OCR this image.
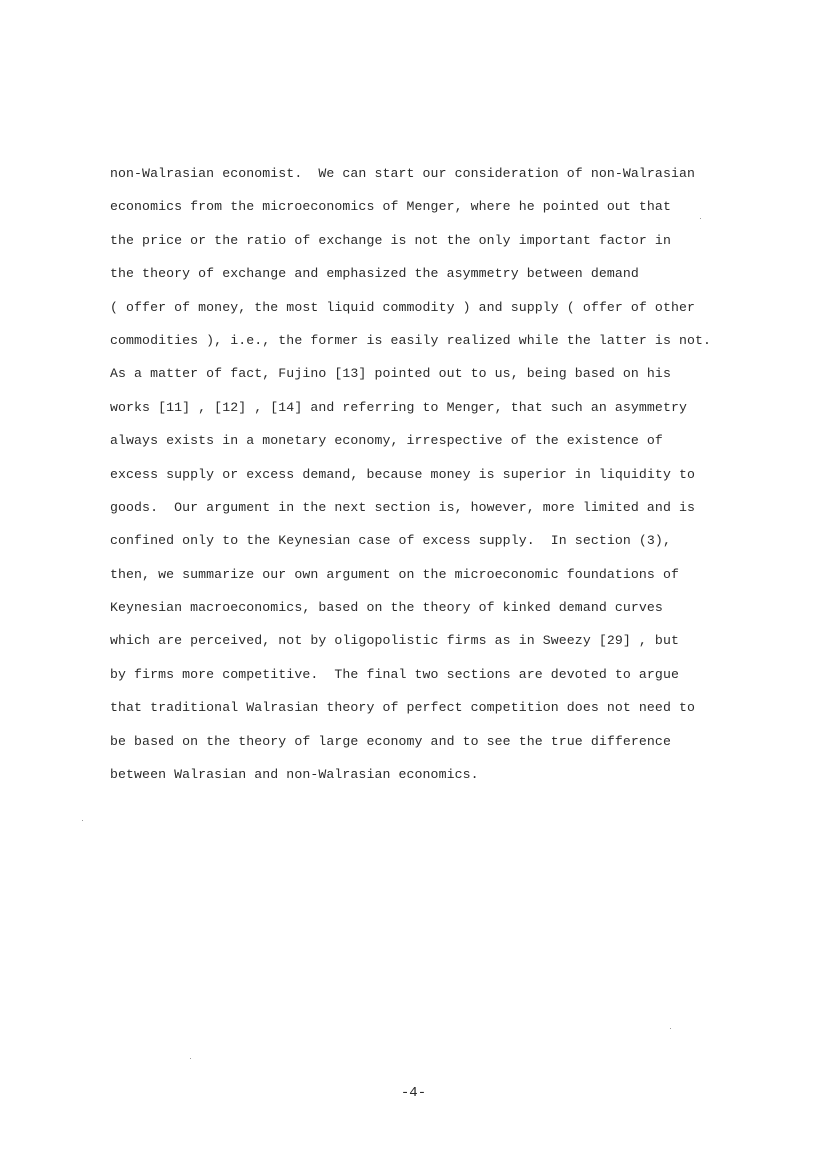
non-Walrasian economist.  We can start our consideration of non-Walrasian
economics from the microeconomics of Menger, where he pointed out that
the price or the ratio of exchange is not the only important factor in
the theory of exchange and emphasized the asymmetry between demand
( offer of money, the most liquid commodity ) and supply ( offer of other
commodities ), i.e., the former is easily realized while the latter is not.
As a matter of fact, Fujino [13] pointed out to us, being based on his
works [11] , [12] , [14] and referring to Menger, that such an asymmetry
always exists in a monetary economy, irrespective of the existence of
excess supply or excess demand, because money is superior in liquidity to
goods.  Our argument in the next section is, however, more limited and is
confined only to the Keynesian case of excess supply.  In section (3),
then, we summarize our own argument on the microeconomic foundations of
Keynesian macroeconomics, based on the theory of kinked demand curves
which are perceived, not by oligopolistic firms as in Sweezy [29] , but
by firms more competitive.  The final two sections are devoted to argue
that traditional Walrasian theory of perfect competition does not need to
be based on the theory of large economy and to see the true difference
between Walrasian and non-Walrasian economics.
-4-
